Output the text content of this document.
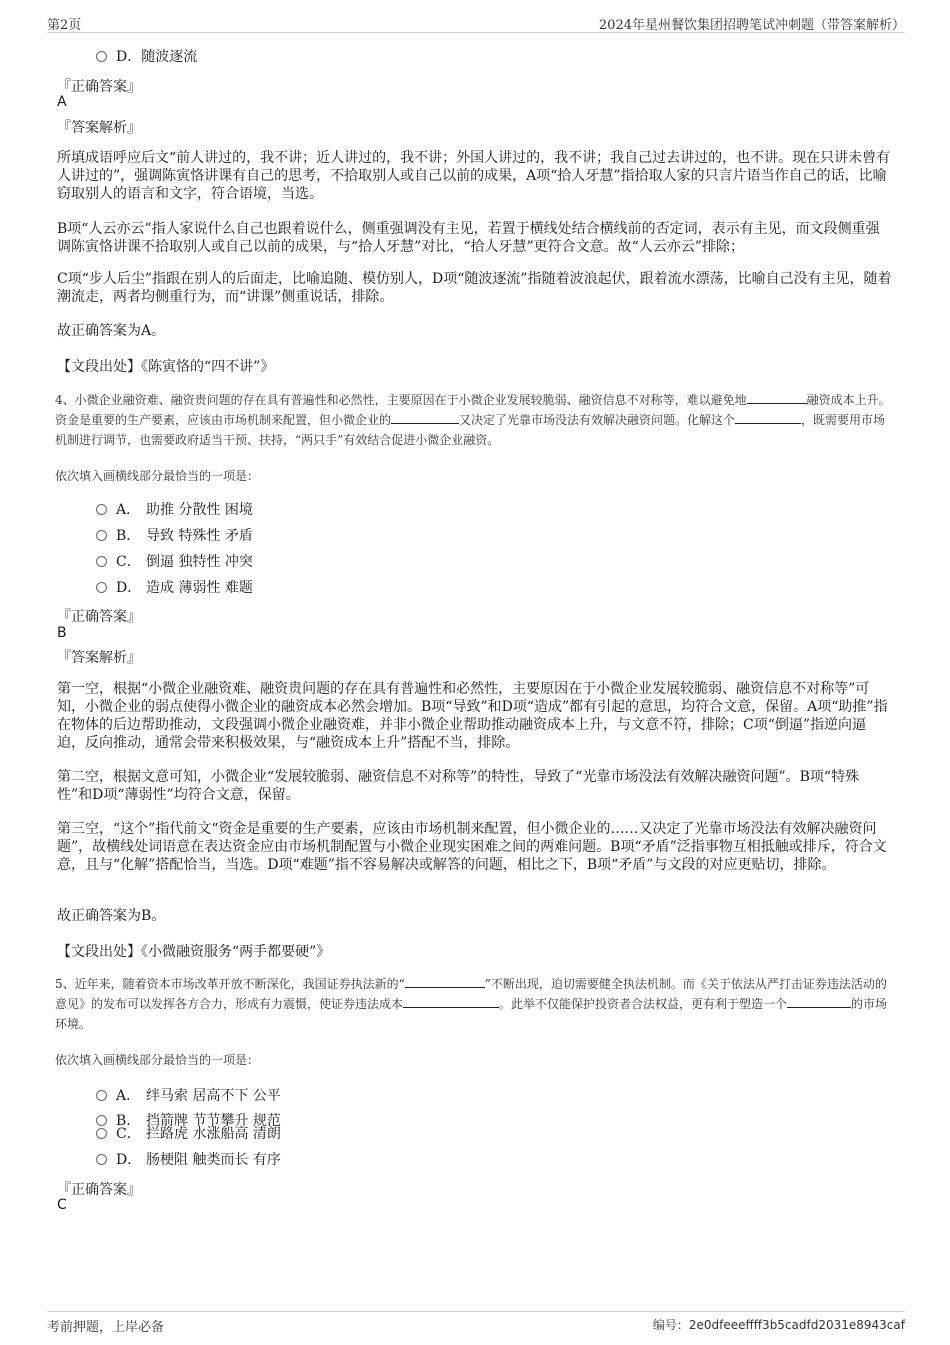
第2页	2024年星州餐饮集团招聘笔试冲刺题（带答案解析）
D．随波逐流
『正确答案』
A
『答案解析』
所填成语呼应后文“前人讲过的，我不讲；近人讲过的，我不讲；外国人讲过的，我不讲；我自己过去讲过的，也不讲。现在只讲未曾有人讲过的”，强调陈寅恪讲课有自己的思考，不拾取别人或自己以前的成果，A项“拾人牙慧”指拾取人家的只言片语当作自己的话，比喻窃取别人的语言和文字，符合语境，当选。
B项“人云亦云”指人家说什么自己也跟着说什么，侧重强调没有主见，若置于横线处结合横线前的否定词，表示有主见，而文段侧重强调陈寅恪讲课不拾取别人或自己以前的成果，与“拾人牙慧”对比，“拾人牙慧”更符合文意。故“人云亦云”排除；
C项“步人后尘”指跟在别人的后面走，比喻追随、模仿别人，D项“随波逐流”指随着波浪起伏，跟着流水漂荡，比喻自己没有主见，随着潮流走，两者均侧重行为，而“讲课”侧重说话，排除。
故正确答案为A。
【文段出处】《陈寅恪的“四不讲”》
4、小微企业融资难、融资贵问题的存在具有普遍性和必然性，主要原因在于小微企业发展较脆弱、融资信息不对称等，难以避免地	融资成本上升。资金是重要的生产要素，应该由市场机制来配置，但小微企业的	又决定了光靠市场没法有效解决融资问题。化解这个	，既需要用市场机制进行调节，也需要政府适当干预、扶持，“两只手”有效结合促进小微企业融资。
依次填入画横线部分最恰当的一项是：
A． 助推 分散性 困境
B． 导致 特殊性 矛盾
C． 倒逼 独特性 冲突
D． 造成 薄弱性 难题
『正确答案』
B
『答案解析』
第一空，根据“小微企业融资难、融资贵问题的存在具有普遍性和必然性，主要原因在于小微企业发展较脆弱、融资信息不对称等”可知，小微企业的弱点使得小微企业的融资成本必然会增加。B项“导致”和D项“造成”都有引起的意思，均符合文意，保留。A项“助推”指在物体的后边帮助推动，文段强调小微企业融资难，并非小微企业帮助推动融资成本上升，与文意不符，排除；C项“倒逼”指逆向逼迫，反向推动，通常会带来积极效果，与“融资成本上升”搭配不当，排除。
第二空，根据文意可知，小微企业“发展较脆弱、融资信息不对称等”的特性，导致了“光靠市场没法有效解决融资问题”。B项“特殊性”和D项“薄弱性”均符合文意，保留。
第三空，“这个”指代前文“资金是重要的生产要素，应该由市场机制来配置，但小微企业的……又决定了光靠市场没法有效解决融资问题”，故横线处词语意在表达资金应由市场机制配置与小微企业现实困难之间的两难问题。B项“矛盾”泛指事物互相抵触或排斥，符合文意，且与“化解”搭配恰当，当选。D项“难题”指不容易解决或解答的问题，相比之下，B项“矛盾”与文段的对应更贴切，排除。
故正确答案为B。
【文段出处】《小微融资服务“两手都要硬”》
5、近年来，随着资本市场改革开放不断深化，我国证券执法新的“	”不断出现，迫切需要健全执法机制。而《关于依法从严打击证券违法活动的意见》的发布可以发挥各方合力，形成有力震慑，使证券违法成本	。此举不仅能保护投资者合法权益，更有利于塑造一个	的市场环境。
依次填入画横线部分最恰当的一项是：
A． 绊马索 居高不下 公平
B． 挡箭牌 节节攀升 规范
C． 拦路虎 水涨船高 清朗
D． 肠梗阻 触类而长 有序
『正确答案』
C
考前押题，上岸必备	编号：2e0dfeeeffff3b5cadfd2031e8943caf
